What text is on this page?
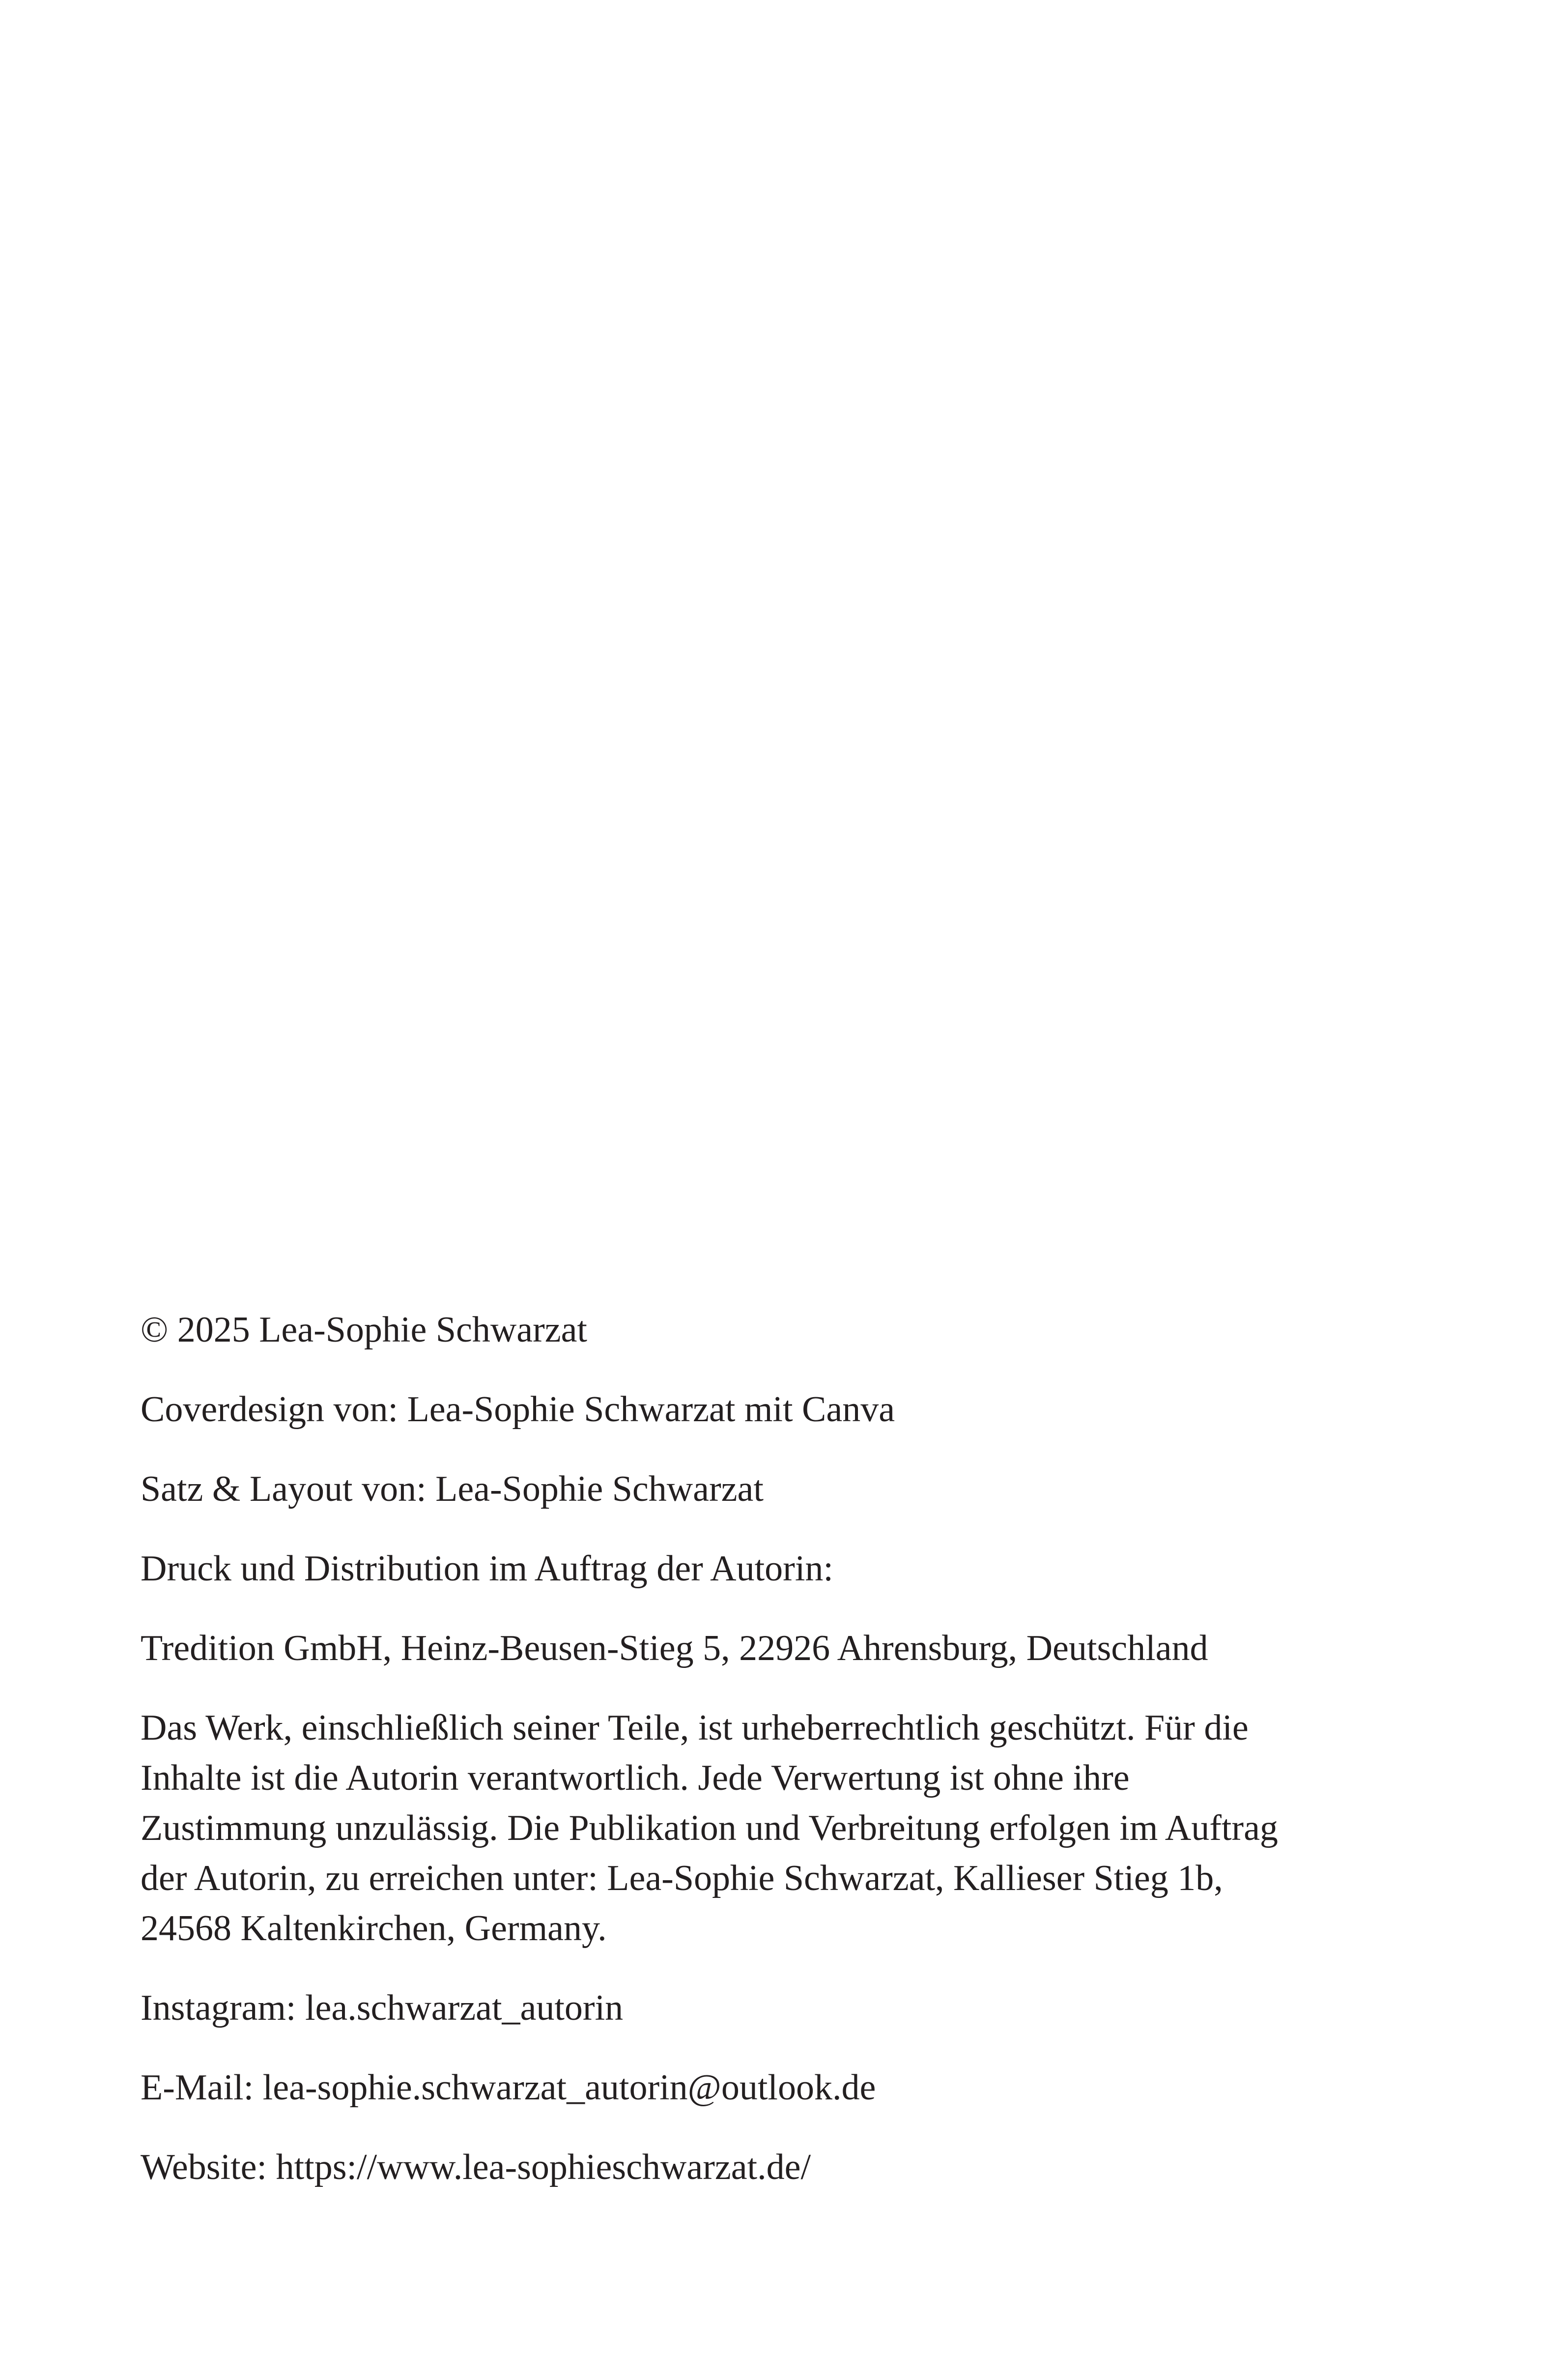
© 2025 Lea-Sophie Schwarzat

Coverdesign von: Lea-Sophie Schwarzat mit Canva

Satz & Layout von: Lea-Sophie Schwarzat

Druck und Distribution im Auftrag der Autorin:

Tredition GmbH, Heinz-Beusen-Stieg 5, 22926 Ahrensburg, Deutschland

Das Werk, einschließlich seiner Teile, ist urheberrechtlich geschützt. Für die
Inhalte ist die Autorin verantwortlich. Jede Verwertung ist ohne ihre
Zustimmung unzulässig. Die Publikation und Verbreitung erfolgen im Auftrag
der Autorin, zu erreichen unter: Lea-Sophie Schwarzat, Kallieser Stieg 1b,
24568 Kaltenkirchen, Germany.

Instagram: lea.schwarzat_autorin

E-Mail: lea-sophie.schwarzat_autorin@outlook.de

Website: https://www.lea-sophieschwarzat.de/
